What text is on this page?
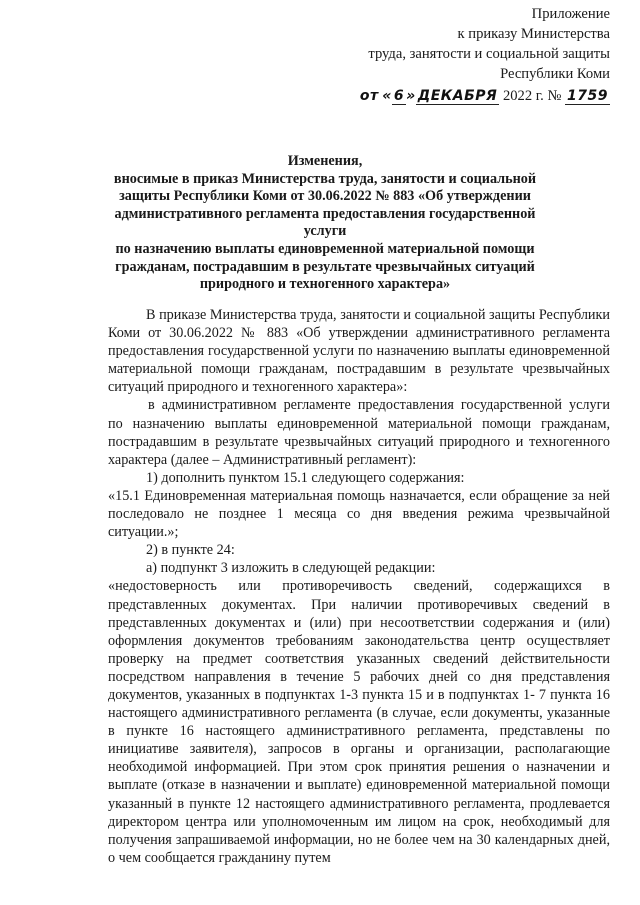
Приложение
к приказу Министерства
труда, занятости и социальной защиты
Республики Коми
от « 6 » ДЕКАБРЯ 2022 г. № 1759
Изменения,
вносимые в приказ Министерства труда, занятости и социальной
защиты Республики Коми от 30.06.2022 № 883 «Об утверждении
административного регламента предоставления государственной услуги
по назначению выплаты единовременной материальной помощи
гражданам, пострадавшим в результате чрезвычайных ситуаций
природного и техногенного характера»

В приказе Министерства труда, занятости и социальной защиты Республики Коми от 30.06.2022 № 883 «Об утверждении административного регламента предоставления государственной услуги по назначению выплаты единовременной материальной помощи гражданам, пострадавшим в результате чрезвычайных ситуаций природного и техногенного характера»:

в административном регламенте предоставления государственной услуги по назначению выплаты единовременной материальной помощи гражданам, пострадавшим в результате чрезвычайных ситуаций природного и техногенного характера (далее – Административный регламент):

1) дополнить пунктом 15.1 следующего содержания:

«15.1 Единовременная материальная помощь назначается, если обращение за ней последовало не позднее 1 месяца со дня введения режима чрезвычайной ситуации.»;

2) в пункте 24:

а) подпункт 3 изложить в следующей редакции:

«недостоверность или противоречивость сведений, содержащихся в представленных документах. При наличии противоречивых сведений в представленных документах и (или) при несоответствии содержания и (или) оформления документов требованиям законодательства центр осуществляет проверку на предмет соответствия указанных сведений действительности посредством направления в течение 5 рабочих дней со дня представления документов, указанных в подпунктах 1-3 пункта 15 и в подпунктах 1- 7 пункта 16 настоящего административного регламента (в случае, если документы, указанные в пункте 16 настоящего административного регламента, представлены по инициативе заявителя), запросов в органы и организации, располагающие необходимой информацией. При этом срок принятия решения о назначении и выплате (отказе в назначении и выплате) единовременной материальной помощи указанный в пункте 12 настоящего административного регламента, продлевается директором центра или уполномоченным им лицом на срок, необходимый для получения запрашиваемой информации, но не более чем на 30 календарных дней, о чем сообщается гражданину путем
